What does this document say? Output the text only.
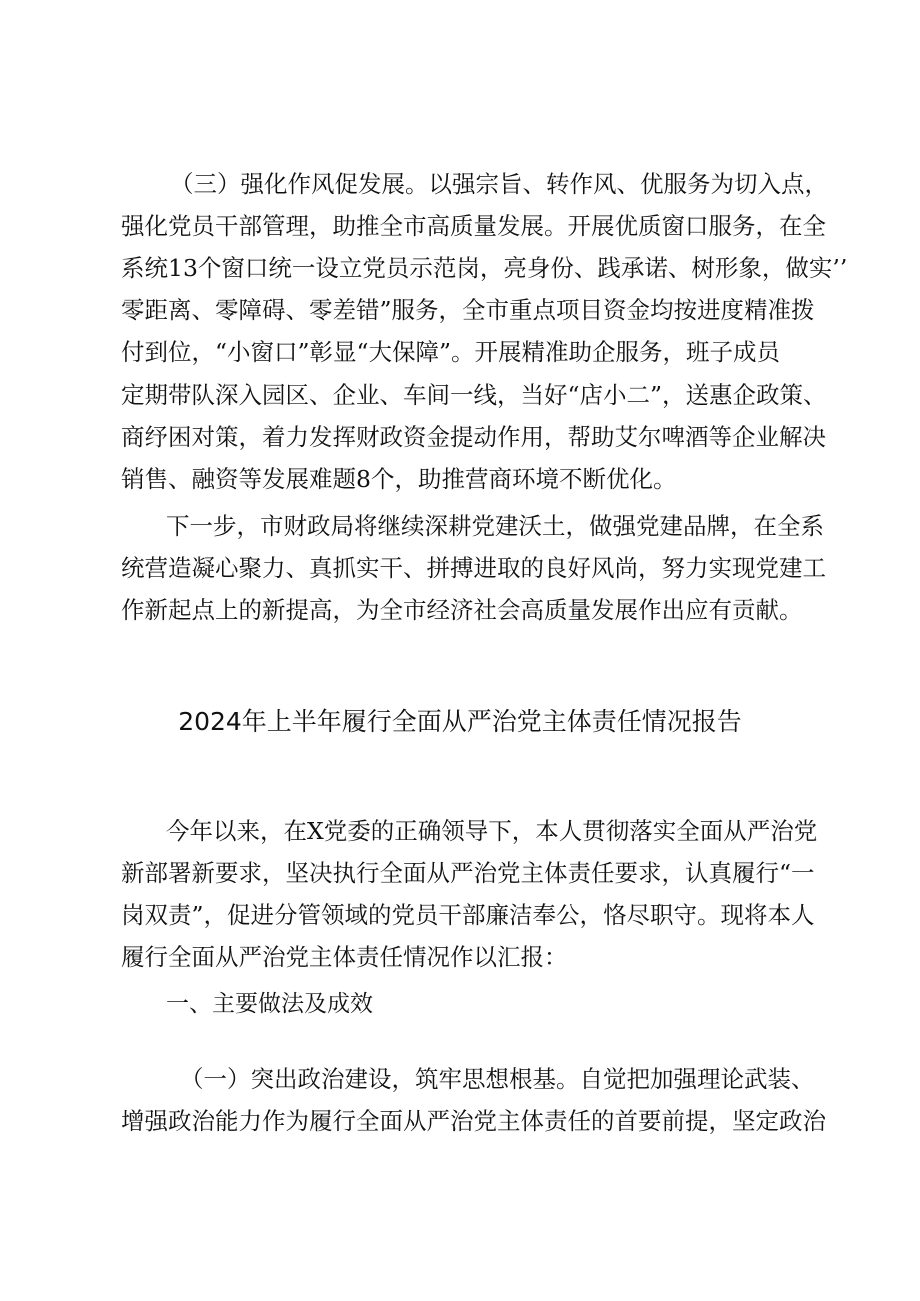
（三）强化作风促发展。以强宗旨、转作风、优服务为切入点，
强化党员干部管理，助推全市高质量发展。开展优质窗口服务，在全
系统13个窗口统一设立党员示范岗，亮身份、践承诺、树形象，做实’’
零距离、零障碍、零差错”服务，全市重点项目资金均按进度精准拨
付到位，“小窗口”彰显“大保障”。开展精准助企服务，班子成员
定期带队深入园区、企业、车间一线，当好“店小二”，送惠企政策、
商纾困对策，着力发挥财政资金提动作用，帮助艾尔啤酒等企业解决
销售、融资等发展难题8个，助推营商环境不断优化。
下一步，市财政局将继续深耕党建沃土，做强党建品牌，在全系
统营造凝心聚力、真抓实干、拼搏进取的良好风尚，努力实现党建工
作新起点上的新提高，为全市经济社会高质量发展作出应有贡献。
2024年上半年履行全面从严治党主体责任情况报告
今年以来，在X党委的正确领导下，本人贯彻落实全面从严治党
新部署新要求，坚决执行全面从严治党主体责任要求，认真履行“一
岗双责”，促进分管领域的党员干部廉洁奉公，恪尽职守。现将本人
履行全面从严治党主体责任情况作以汇报：
一、主要做法及成效
（一）突出政治建设，筑牢思想根基。自觉把加强理论武装、
增强政治能力作为履行全面从严治党主体责任的首要前提，坚定政治
